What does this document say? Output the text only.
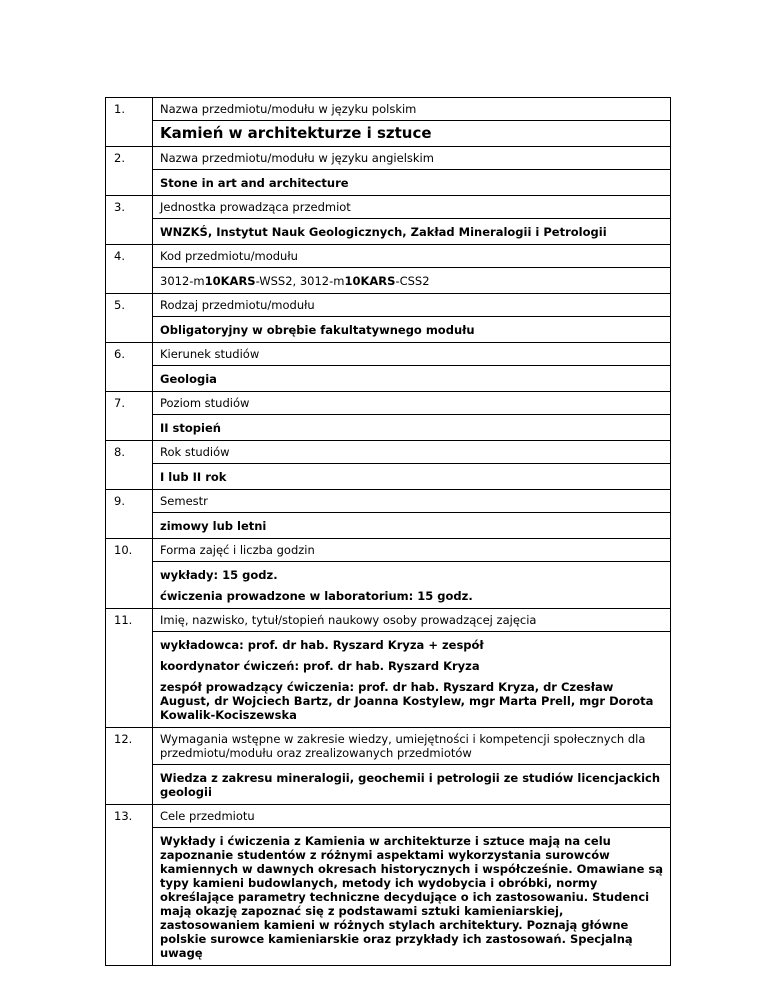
1.	Nazwa przedmiotu/modułu w języku polskim
Kamień w architekturze i sztuce

2.	Nazwa przedmiotu/modułu w języku angielskim
Stone in art and architecture

3.	Jednostka prowadząca przedmiot
WNZKŚ, Instytut Nauk Geologicznych, Zakład Mineralogii i Petrologii

4.	Kod przedmiotu/modułu
3012-m10KARS-WSS2, 3012-m10KARS-CSS2

5.	Rodzaj przedmiotu/modułu
Obligatoryjny w obrębie fakultatywnego modułu

6.	Kierunek studiów
Geologia

7.	Poziom studiów
II stopień

8.	Rok studiów
I lub II rok

9.	Semestr
zimowy lub letni

10.	Forma zajęć i liczba godzin
wykłady: 15 godz.
ćwiczenia prowadzone w laboratorium: 15 godz.

11.	Imię, nazwisko, tytuł/stopień naukowy osoby prowadzącej zajęcia
wykładowca: prof. dr hab. Ryszard Kryza + zespół
koordynator ćwiczeń: prof. dr hab. Ryszard Kryza
zespół prowadzący ćwiczenia: prof. dr hab. Ryszard Kryza, dr Czesław August, dr Wojciech Bartz, dr Joanna Kostylew, mgr Marta Prell, mgr Dorota Kowalik-Kociszewska

12.	Wymagania wstępne w zakresie wiedzy, umiejętności i kompetencji społecznych dla przedmiotu/modułu oraz zrealizowanych przedmiotów
Wiedza z zakresu mineralogii, geochemii i petrologii ze studiów licencjackich geologii

13.	Cele przedmiotu
Wykłady i ćwiczenia z Kamienia w architekturze i sztuce mają na celu zapoznanie studentów z różnymi aspektami wykorzystania surowców kamiennych w dawnych okresach historycznych i współcześnie. Omawiane są typy kamieni budowlanych, metody ich wydobycia i obróbki, normy określające parametry techniczne decydujące o ich zastosowaniu. Studenci mają okazję zapoznać się z podstawami sztuki kamieniarskiej, zastosowaniem kamieni w różnych stylach architektury. Poznają główne polskie surowce kamieniarskie oraz przykłady ich zastosowań. Specjalną uwagę
